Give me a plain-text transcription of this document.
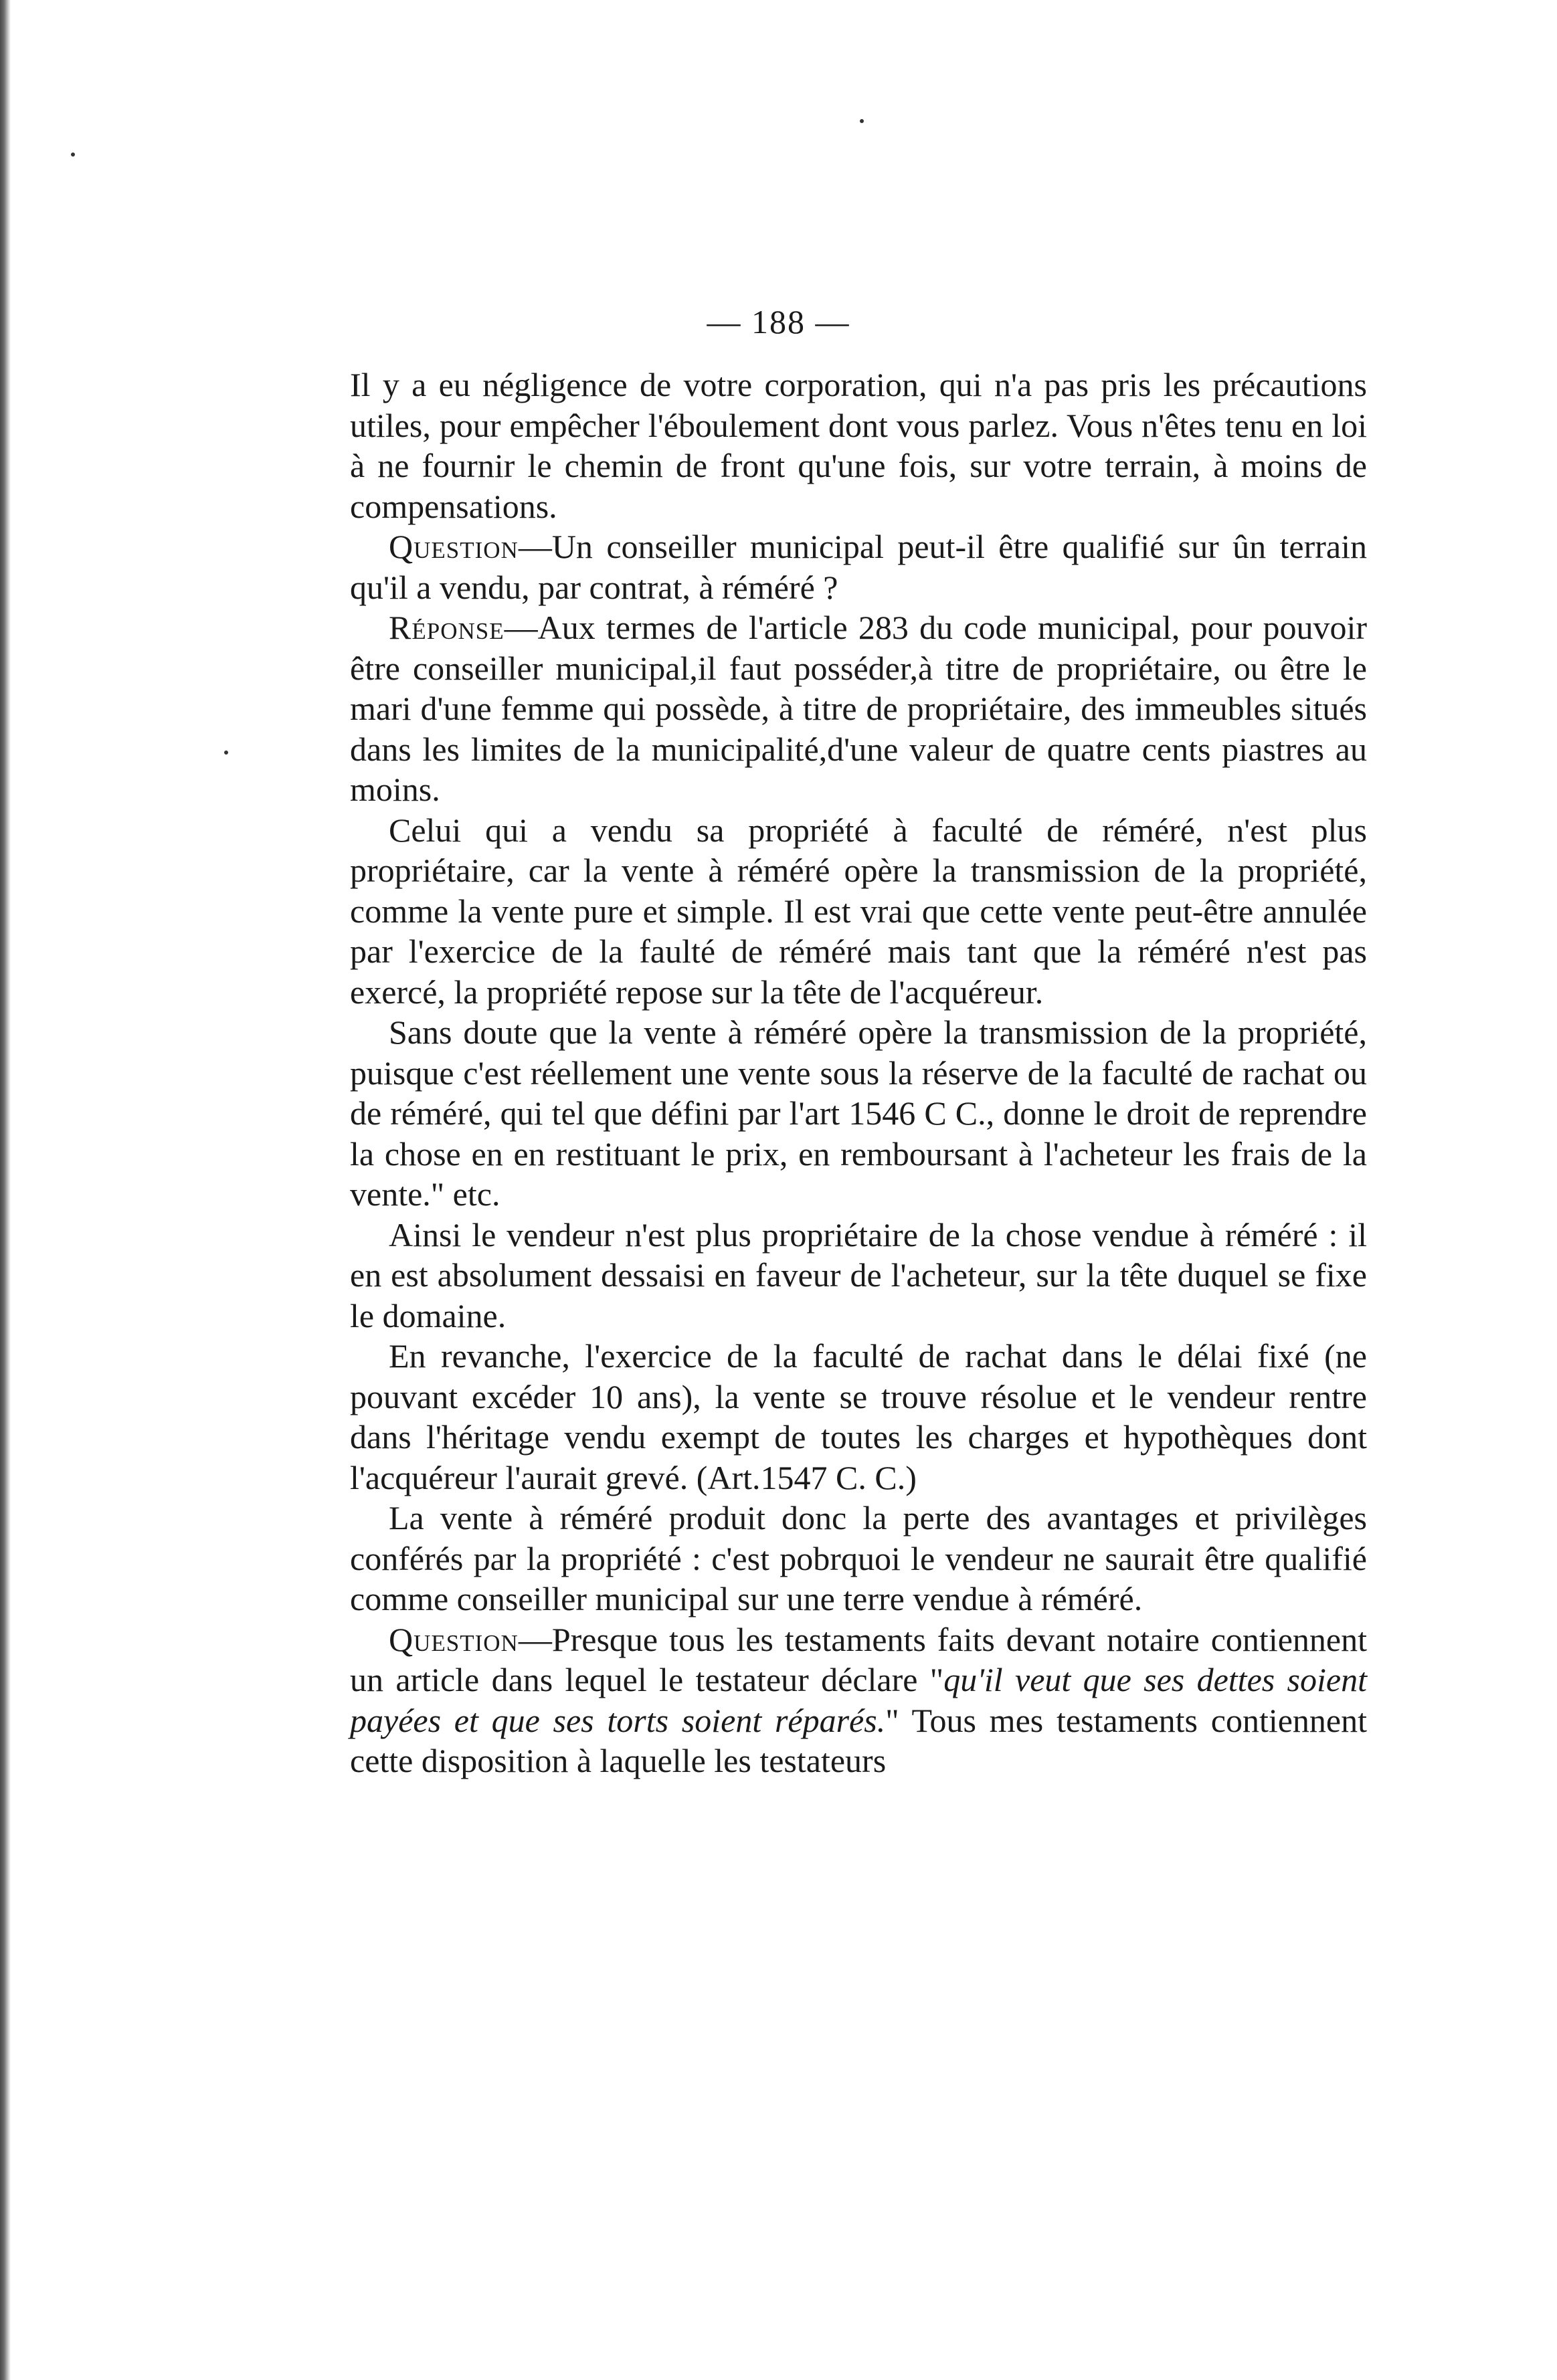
— 188 —

Il y a eu négligence de votre corporation, qui n'a pas pris les précautions utiles, pour empêcher l'éboulement dont vous parlez. Vous n'êtes tenu en loi à ne fournir le chemin de front qu'une fois, sur votre terrain, à moins de compensations.

Question—Un conseiller municipal peut-il être qualifié sur ûn terrain qu'il a vendu, par contrat, à réméré ?

Réponse—Aux termes de l'article 283 du code municipal, pour pouvoir être conseiller municipal,il faut posséder,à titre de propriétaire, ou être le mari d'une femme qui possède, à titre de propriétaire, des immeubles situés dans les limites de la municipalité,d'une valeur de quatre cents piastres au moins.

Celui qui a vendu sa propriété à faculté de réméré, n'est plus propriétaire, car la vente à réméré opère la transmission de la propriété, comme la vente pure et simple. Il est vrai que cette vente peut-être annulée par l'exercice de la faulté de réméré mais tant que la réméré n'est pas exercé, la propriété repose sur la tête de l'acquéreur.

Sans doute que la vente à réméré opère la transmission de la propriété, puisque c'est réellement une vente sous la réserve de la faculté de rachat ou de réméré, qui tel que défini par l'art 1546 C C., donne le droit de reprendre la chose en en restituant le prix, en remboursant à l'acheteur les frais de la vente." etc.

Ainsi le vendeur n'est plus propriétaire de la chose vendue à réméré : il en est absolument dessaisi en faveur de l'acheteur, sur la tête duquel se fixe le domaine.

En revanche, l'exercice de la faculté de rachat dans le délai fixé (ne pouvant excéder 10 ans), la vente se trouve résolue et le vendeur rentre dans l'héritage vendu exempt de toutes les charges et hypothèques dont l'acquéreur l'aurait grevé. (Art.1547 C. C.)

La vente à réméré produit donc la perte des avantages et privilèges conférés par la propriété : c'est pobrquoi le vendeur ne saurait être qualifié comme conseiller municipal sur une terre vendue à réméré.

Question—Presque tous les testaments faits devant notaire contiennent un article dans lequel le testateur déclare "qu'il veut que ses dettes soient payées et que ses torts soient réparés." Tous mes testaments contiennent cette disposition à laquelle les testateurs
